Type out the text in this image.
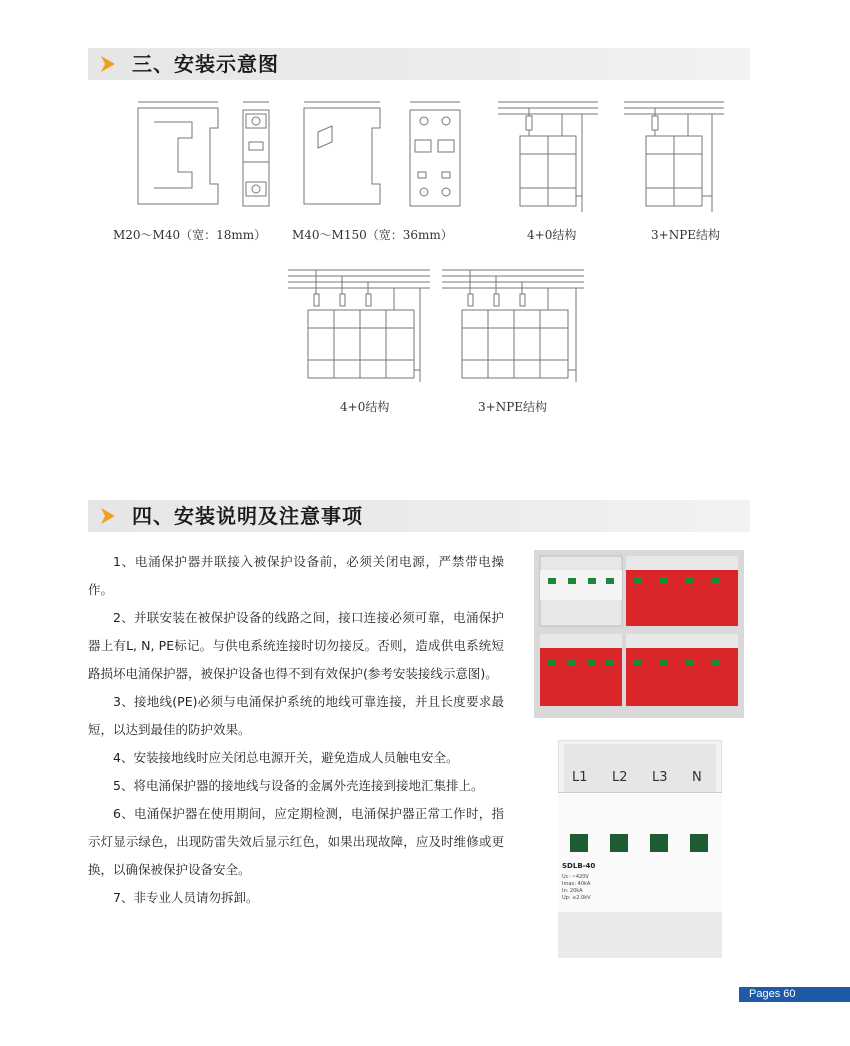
三、安装示意图
M20～M40（宽：18mm） M40～M150（宽：36mm）	4+0结构	3+NPE结构
4+0结构	3+NPE结构
四、安装说明及注意事项

1、电涌保护器并联接入被保护设备前，必须关闭电源，严禁带电操作。

2、并联安装在被保护设备的线路之间，接口连接必须可靠，电涌保护器上有L, N, PE标记。与供电系统连接时切勿接反。否则，造成供电系统短路损坏电涌保护器，被保护设备也得不到有效保护(参考安装接线示意图)。

3、接地线(PE)必须与电涌保护系统的地线可靠连接，并且长度要求最短，以达到最佳的防护效果。

4、安装接地线时应关闭总电源开关，避免造成人员触电安全。

5、将电涌保护器的接地线与设备的金属外壳连接到接地汇集排上。

6、电涌保护器在使用期间，应定期检测，电涌保护器正常工作时，指示灯显示绿色，出现防雷失效后显示红色，如果出现故障，应及时维修或更换，以确保被保护设备安全。

7、非专业人员请勿拆卸。

L1 L2 L3 N
SDLB-40
Uc: ~420V
Imax: 40kA
In: 20kA
Up: ≤2.0kV
Pages 60
